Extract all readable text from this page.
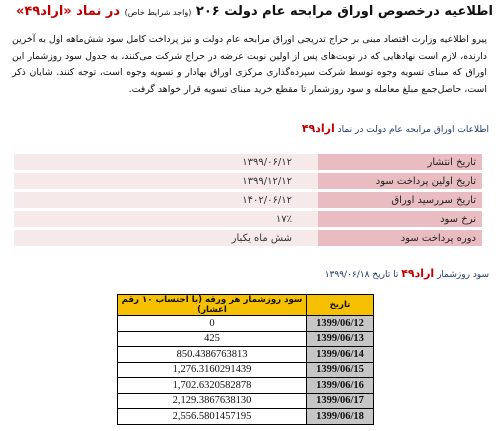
اطلاعیه درخصوص اوراق مرابحه عام دولت ۲۰۶ (واجد شرایط خاص) در نماد «اراد۴۹»
پیرو اطلاعیه وزارت اقتصاد مبنی بر حراج تدریجی اوراق مرابحه عام دولت و نیز پرداخت کامل سود شش‌ماهه اول به آخرین دارنده، لازم است نهادهایی که در نوبت‌های پس از اولین نوبت عرضه در حراج شرکت می‌کنند، به جدول سود روزشمار این اوراق که مبنای تسویه وجوه توسط شرکت سپرده‌گذاری مرکزی اوراق بهادار و تسویه وجوه است، توجه کنند. شایان ذکر است، حاصل‌جمع مبلغ معامله و سود روزشمار تا مقطع خرید مبنای تسویه قرار خواهد گرفت.
اطلاعات اوراق مرابحه عام دولت در نماد اراد۴۹
تاریخ انتشار	۱۳۹۹/۰۶/۱۲
تاریخ اولین پرداخت سود	۱۳۹۹/۱۲/۱۲
تاریخ سررسید اوراق	۱۴۰۲/۰۶/۱۲
نرخ سود	۱۷٪
دوره پرداخت سود	شش ماه یکبار
سود روزشمار اراد۴۹ تا تاریخ ۱۳۹۹/۰۶/۱۸
تاریخ	سود روزشمار هر ورقه (با احتساب ۱۰ رقم اعشار)
1399/06/12	0
1399/06/13	425
1399/06/14	850.4386763813
1399/06/15	1,276.3160291439
1399/06/16	1,702.6320582878
1399/06/17	2,129.3867638130
1399/06/18	2,556.5801457195
